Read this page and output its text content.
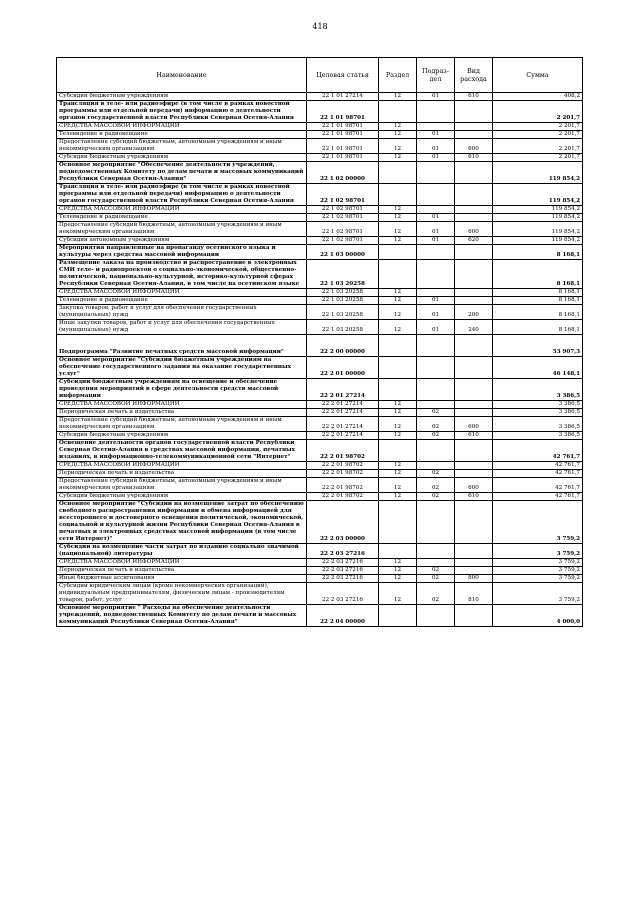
418
Наименование	Целовая статья	Раздел	Подраз-дел	Вид расхода	Сумма
Субсидии бюджетным учреждениям	22 1 01 27214	12	01	610	408,2
Трансляция в теле- или радиоэфире (в том числе в рамках новостной программы или отдельной передачи) информацию о деятельности органов государственной власти Республики Северная Осетия-Алания	22 1 01 98701				2 201,7
СРЕДСТВА МАССОВОЙ ИНФОРМАЦИИ	22 1 01 98701	12			2 201,7
Телевидение и радиовещание	22 1 01 98701	12	01		2 201,7
Предоставление субсидий бюджетным, автономным учреждениям и иным некоммерческим организациям	22 1 01 98701	12	01	600	2 201,7
Субсидии бюджетным учреждениям	22 1 01 98701	12	01	610	2 201,7
Основное мероприятие "Обеспечение деятельности учреждений, подведомственных Комитету по делам печати и массовых коммуникаций Республики Северная Осетия-Алания"	22 1 02 00000				119 854,2
Трансляция в теле- или радиоэфире (в том числе в рамках новостной программы или отдельной передачи) информацию о деятельности органов государственной власти Республики Северная Осетия-Алания	22 1 02 98701				119 854,2
СРЕДСТВА МАССОВОЙ ИНФОРМАЦИИ	22 1 02 98701	12			119 854,2
Телевидение и радиовещание	22 1 02 98701	12	01		119 854,2
Предоставление субсидий бюджетным, автономным учреждениям и иным некоммерческим организациям	22 1 02 98701	12	01	600	119 854,2
Субсидии автономным учреждениям	22 1 02 98701	12	01	620	119 854,2
Мероприятия направленные на пропаганду осетинского языка и культуры через средства массовой информации	22 1 03 00000				8 168,1
Размещение заказа на производство и распространение в электронных СМИ теле- и радиопроектов о социально-экономической, общественно-политической, национально-культурной, историко-культурной сферах Республики Северная Осетия-Алания, в том числе на осетинском языке	22 1 03 20258				8 168,1
СРЕДСТВА МАССОВОЙ ИНФОРМАЦИИ	22 1 03 20258	12			8 168,1
Телевидение и радиовещание	22 1 03 20258	12	01		8 168,1
Закупка товаров, работ и услуг для обеспечения государственных (муниципальных) нужд	22 1 03 20258	12	01	200	8 168,1
Иные закупки товаров, работ и услуг для обеспечения государственных (муниципальных) нужд	22 1 03 20258	12	01	240	8 168,1
Подпрограмма "Развитие печатных средств массовой информации"	22 2 00 00000				53 907,3
Основное мероприятие "Субсидии бюджетным учреждениям на обеспечение государственного задания на оказание государственных услуг"	22 2 01 00000				46 148,1
Субсидии бюджетным учреждениям на освещение и обеспечение проведения мероприятий в сфере деятельности средств массовой информации	22 2 01 27214				3 386,5
СРЕДСТВА МАССОВОЙ ИНФОРМАЦИИ	22 2 01 27214	12			3 386,5
Периодическая печать и издательства	22 2 01 27214	12	02		3 386,5
Предоставление субсидий бюджетным, автономным учреждениям и иным некоммерческим организациям	22 2 01 27214	12	02	600	3 386,5
Субсидии бюджетным учреждениям	22 2 01 27214	12	02	610	3 386,5
Освещение деятельности органов государственной власти Республики Северная Осетия-Алания в средствах массовой информации, печатных изданиях, в информационно-телекоммуникационной сети "Интернет"	22 2 01 98702				42 761,7
СРЕДСТВА МАССОВОЙ ИНФОРМАЦИИ	22 2 01 98702	12			42 761,7
Периодическая печать и издательства	22 2 01 98702	12	02		42 761,7
Предоставление субсидий бюджетным, автономным учреждениям и иным некоммерческим организациям	22 2 01 98702	12	02	600	42 761,7
Субсидии бюджетным учреждениям	22 2 01 98702	12	02	610	42 761,7
Основное мероприятие "Субсидии на возмещение затрат по обеспечению свободного распространения информации и обмена информацией для всестороннего и достоверного освещения политической, экономической, социальной и культурной жизни Республики Северная Осетия-Алания в печатных и электронных средствах массовой информации (в том числе сети Интернет)"	22 2 03 00000				3 759,2
Субсидии на возмещение части затрат по изданию социально значимой (национальной) литературы	22 2 03 27216				3 759,2
СРЕДСТВА МАССОВОЙ ИНФОРМАЦИИ	22 2 03 27216	12			3 759,2
Периодическая печать и издательства	22 2 03 27216	12	02		3 759,2
Иные бюджетные ассигнования	22 2 03 27216	12	02	800	3 759,2
Субсидии юридическим лицам (кроме некоммерческих организаций), индивидуальным предпринимателям, физическим лицам - производителям товаров, работ, услуг	22 2 03 27216	12	02	810	3 759,2
Основное мероприятие " Расходы на обеспечение деятельности учреждений, подведомственных Комитету по делам печати и массовых коммуникаций Республики Северная Осетия-Алания"	22 2 04 00000				4 000,0
